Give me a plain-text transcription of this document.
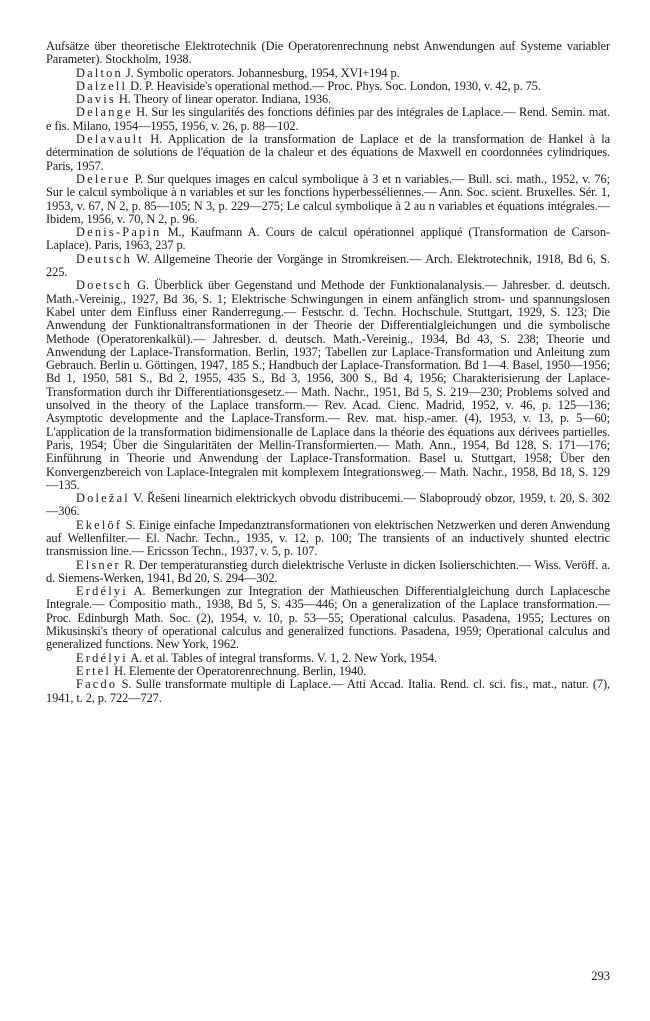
Aufsätze über theoretische Elektrotechnik (Die Operatorenrechnung nebst Anwendungen auf Systeme variabler Parameter). Stockholm, 1938.

Dalton J. Symbolic operators. Johannesburg, 1954, XVI+194 p.

Dalzell D. P. Heaviside's operational method.— Proc. Phys. Soc. London, 1930, v. 42, p. 75.

Davis H. Theory of linear operator. Indiana, 1936.

Delange H. Sur les singularités des fonctions définies par des intégrales de Laplace.— Rend. Semin. mat. e fis. Milano, 1954—1955, 1956, v. 26, p. 88—102.

Delavault H. Application de la transformation de Laplace et de la transformation de Hankel à la détermination de solutions de l'équation de la chaleur et des équations de Maxwell en coordonnées cylindriques. Paris, 1957.

Delerue P. Sur quelques images en calcul symbolique à 3 et n variables.— Bull. sci. math., 1952, v. 76; Sur le calcul symbolique à n variables et sur les fonctions hyperbesséliennes.— Ann. Soc. scient. Bruxelles. Sér. 1, 1953, v. 67, N 2, p. 85—105; N 3, p. 229—275; Le calcul symbolique à 2 au n variables et équations intégrales.— Ibidem, 1956, v. 70, N 2, p. 96.

Denis-Papin M., Kaufmann A. Cours de calcul opérationnel appliqué (Transformation de Carson-Laplace). Paris, 1963, 237 p.

Deutsch W. Allgemeine Theorie der Vorgänge in Stromkreisen.— Arch. Elektrotechnik, 1918, Bd 6, S. 225.

Doetsch G. Überblick über Gegenstand und Methode der Funktionalanalysis.— Jahresber. d. deutsch. Math.-Vereinig., 1927, Bd 36, S. 1; Elektrische Schwingungen in einem anfänglich strom- und spannungslosen Kabel unter dem Einfluss einer Randerregung.— Festschr. d. Techn. Hochschule. Stuttgart, 1929, S. 123; Die Anwendung der Funktionaltransformationen in der Theorie der Differentialgleichungen und die symbolische Methode (Operatorenkalkül).— Jahresber. d. deutsch. Math.-Vereinig., 1934, Bd 43, S. 238; Theorie und Anwendung der Laplace-Transformation. Berlin, 1937; Tabellen zur Laplace-Transformation und Anleitung zum Gebrauch. Berlin u. Göttingen, 1947, 185 S.; Handbuch der Laplace-Transformation. Bd 1—4. Basel, 1950—1956; Bd 1, 1950, 581 S., Bd 2, 1955, 435 S., Bd 3, 1956, 300 S., Bd 4, 1956; Charakterisierung der Laplace-Transformation durch ihr Differentiationsgesetz.— Math. Nachr., 1951, Bd 5, S. 219—230; Problems solved and unsolved in the theory of the Laplace transform.— Rev. Acad. Cienc. Madrid, 1952, v. 46, p. 125—136; Asymptotic developmente and the Laplace-Transform.— Rev. mat. hisp.-amer. (4), 1953, v. 13, p. 5—60; L'application de la transformation bidimensionalle de Laplace dans la théorie des équations aux dérivees partielles. Paris, 1954; Über die Singularitäten der Mellin-Transformierten.— Math. Ann., 1954, Bd 128, S. 171—176; Einführung in Theorie und Anwendung der Laplace-Transformation. Basel u. Stuttgart, 1958; Über den Konvergenzbereich von Laplace-Integralen mit komplexem Integrationsweg.— Math. Nachr., 1958, Bd 18, S. 129—135.

Doležal V. Řešeni linearnich elektrickych obvodu distribucemi.— Slaboproudý obzor, 1959, t. 20, S. 302—306.

Ekelöf S. Einige einfache Impedanztransformationen von elektrischen Netzwerken und deren Anwendung auf Wellenfilter.— El. Nachr. Techn., 1935, v. 12, p. 100; The transients of an inductively shunted electric transmission line.— Ericsson Techn., 1937, v. 5, p. 107.

Elsner R. Der temperaturanstieg durch dielektrische Verluste in dicken Isolierschichten.— Wiss. Veröff. a. d. Siemens-Werken, 1941, Bd 20, S. 294—302.

Erdélyi A. Bemerkungen zur Integration der Mathieuschen Differentialgleichung durch Laplacesche Integrale.— Compositio math., 1938, Bd 5, S. 435—446; On a generalization of the Laplace transformation.— Proc. Edinburgh Math. Soc. (2), 1954, v. 10, p. 53—55; Operational calculus. Pasadena, 1955; Lectures on Mikusinski's theory of operational calculus and generalized functions. Pasadena, 1959; Operational calculus and generalized functions. New York, 1962.

Erdélyi A. et al. Tables of integral transforms. V. 1, 2. New York, 1954.

Ertel H. Elemente der Operatorenrechnung. Berlin, 1940.

Facdo S. Sulle transformate multiple di Laplace.— Atti Accad. Italia. Rend. cl. sci. fis., mat., natur. (7), 1941, t. 2, p. 722—727.

293
